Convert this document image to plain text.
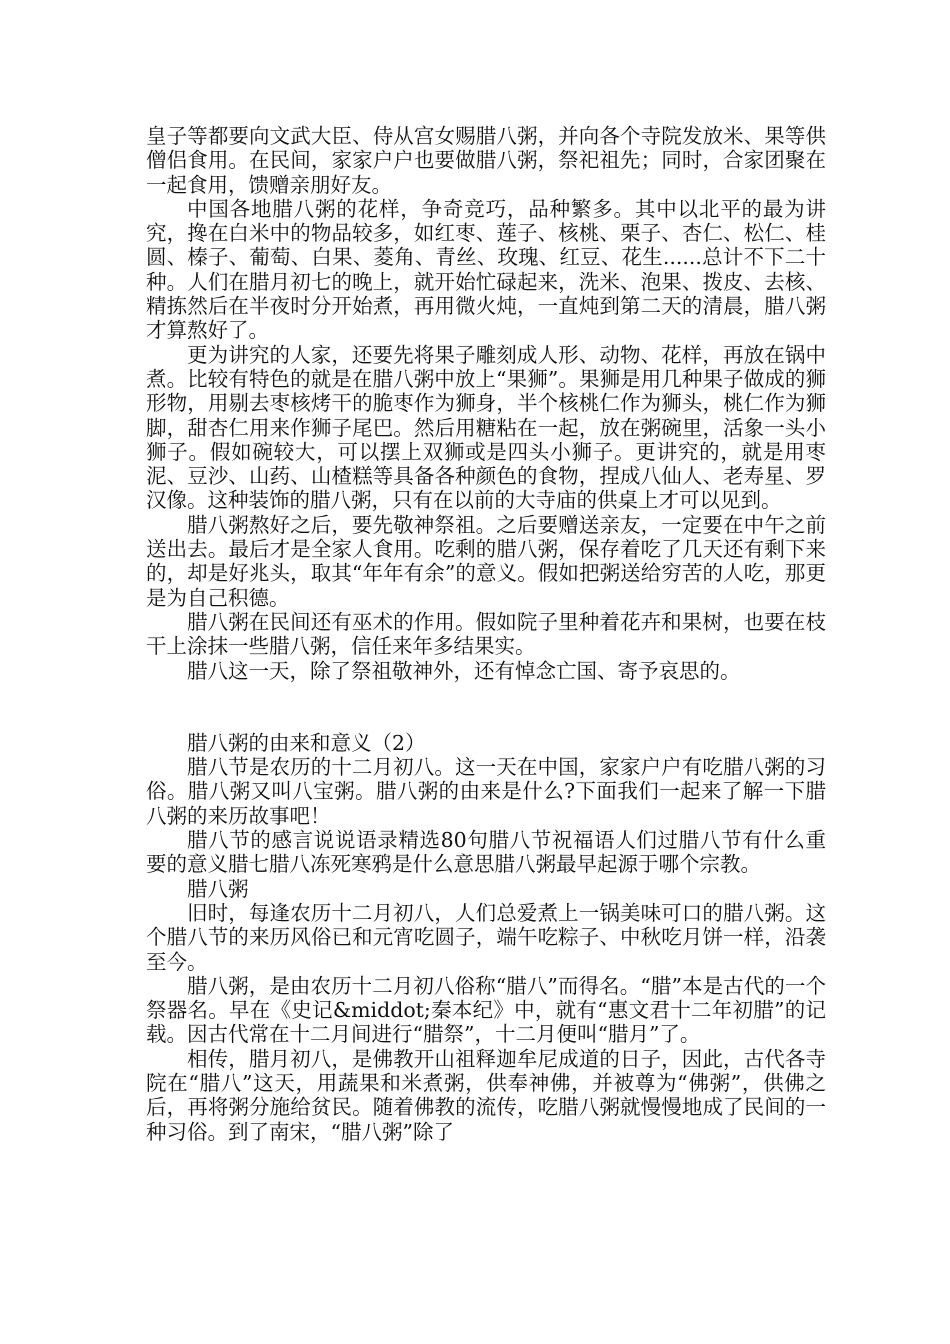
皇子等都要向文武大臣、侍从宫女赐腊八粥，并向各个寺院发放米、果等供僧侣食用。在民间，家家户户也要做腊八粥，祭祀祖先；同时，合家团聚在一起食用，馈赠亲朋好友。

中国各地腊八粥的花样，争奇竞巧，品种繁多。其中以北平的最为讲究，搀在白米中的物品较多，如红枣、莲子、核桃、栗子、杏仁、松仁、桂圆、榛子、葡萄、白果、菱角、青丝、玫瑰、红豆、花生......总计不下二十种。人们在腊月初七的晚上，就开始忙碌起来，洗米、泡果、拨皮、去核、精拣然后在半夜时分开始煮，再用微火炖，一直炖到第二天的清晨，腊八粥才算熬好了。

更为讲究的人家，还要先将果子雕刻成人形、动物、花样，再放在锅中煮。比较有特色的就是在腊八粥中放上“果狮”。果狮是用几种果子做成的狮形物，用剔去枣核烤干的脆枣作为狮身，半个核桃仁作为狮头，桃仁作为狮脚，甜杏仁用来作狮子尾巴。然后用糖粘在一起，放在粥碗里，活象一头小狮子。假如碗较大，可以摆上双狮或是四头小狮子。更讲究的，就是用枣泥、豆沙、山药、山楂糕等具备各种颜色的食物，捏成八仙人、老寿星、罗汉像。这种装饰的腊八粥，只有在以前的大寺庙的供桌上才可以见到。

腊八粥熬好之后，要先敬神祭祖。之后要赠送亲友，一定要在中午之前送出去。最后才是全家人食用。吃剩的腊八粥，保存着吃了几天还有剩下来的，却是好兆头，取其“年年有余”的意义。假如把粥送给穷苦的人吃，那更是为自己积德。

腊八粥在民间还有巫术的作用。假如院子里种着花卉和果树，也要在枝干上涂抹一些腊八粥，信任来年多结果实。

腊八这一天，除了祭祖敬神外，还有悼念亡国、寄予哀思的。

腊八粥的由来和意义（2）

腊八节是农历的十二月初八。这一天在中国，家家户户有吃腊八粥的习俗。腊八粥又叫八宝粥。腊八粥的由来是什么?下面我们一起来了解一下腊八粥的来历故事吧！

腊八节的感言说说语录精选80句腊八节祝福语人们过腊八节有什么重要的意义腊七腊八冻死寒鸦是什么意思腊八粥最早起源于哪个宗教。

腊八粥

旧时，每逢农历十二月初八，人们总爱煮上一锅美味可口的腊八粥。这个腊八节的来历风俗已和元宵吃圆子，端午吃粽子、中秋吃月饼一样，沿袭至今。

腊八粥，是由农历十二月初八俗称“腊八”而得名。“腊”本是古代的一个祭器名。早在《史记&middot;秦本纪》中，就有“惠文君十二年初腊”的记载。因古代常在十二月间进行“腊祭”，十二月便叫“腊月”了。

相传，腊月初八，是佛教开山祖释迦牟尼成道的日子，因此，古代各寺院在“腊八”这天，用蔬果和米煮粥，供奉神佛，并被尊为“佛粥”，供佛之后，再将粥分施给贫民。随着佛教的流传，吃腊八粥就慢慢地成了民间的一种习俗。到了南宋，“腊八粥”除了
